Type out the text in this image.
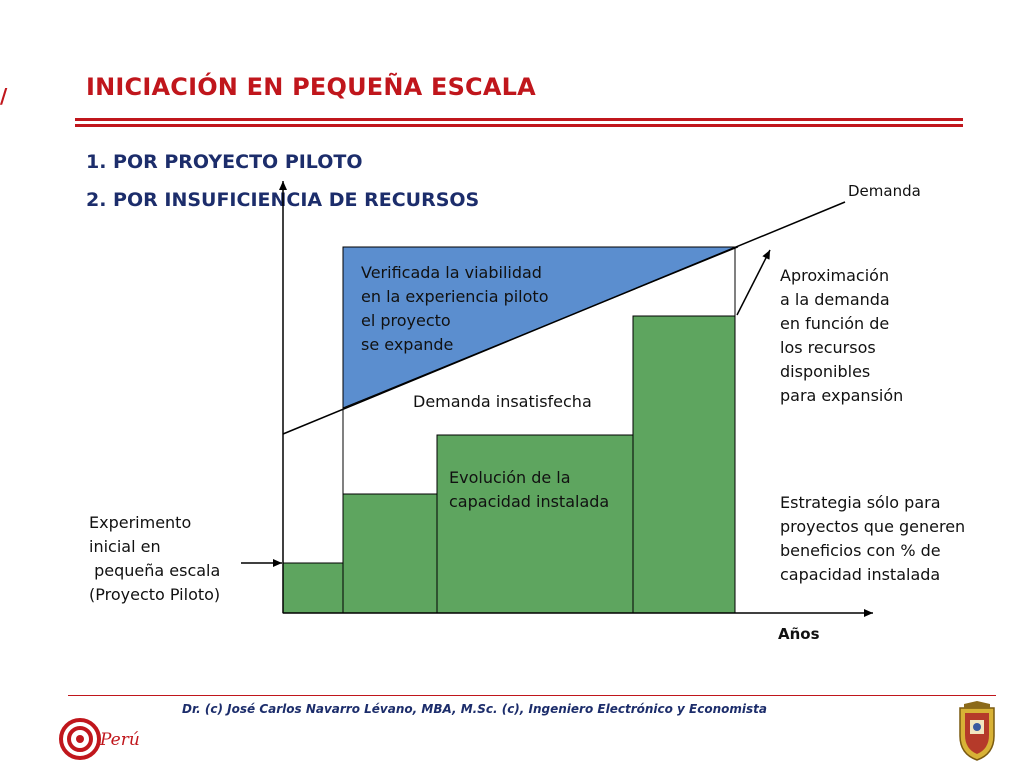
/	INICIACIÓN EN PEQUEÑA ESCALA
1. POR PROYECTO PILOTO
2. POR INSUFICIENCIA DE RECURSOS	Demanda
Verificada la viabilidad
en la experiencia piloto
el proyecto
se expande
Demanda insatisfecha
Evolución de la
capacidad instalada
Experimento
inicial en
pequeña escala
(Proyecto Piloto)
Aproximación
a la demanda
en función de
los recursos
disponibles
para expansión
Estrategia sólo para
proyectos que generen
beneficios con % de
capacidad instalada
Años
Dr. (c) José Carlos Navarro Lévano, MBA, M.Sc. (c), Ingeniero Electrónico y Economista
Perú
